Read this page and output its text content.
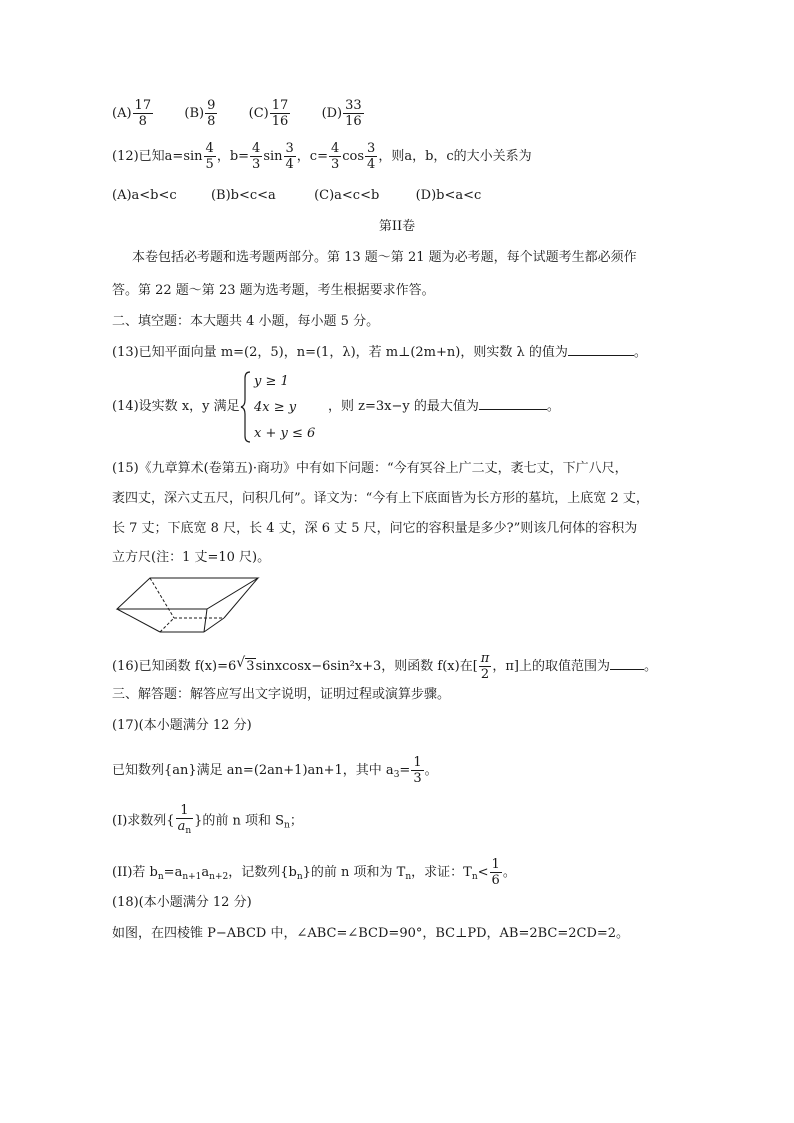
$(A) \frac{17}{8} (B) \frac{9}{8} (C) \frac{17}{16} (D) \frac{33}{16}$
(12)已知$a=\sin \frac{4}{5}$ ，$b= \frac{4}{3}$ $\sin \frac{3}{4}$ ，$c= \frac{4}{3}$ $\cos \frac{3}{4}$ ，则a，b，c的大小关系为
(A)a<b<c	(B)b<c<a	(C)a<c<b	(D)b<a<c
第II卷
本卷包括必考题和选考题两部分。第 13 题～第 21 题为必考题，每个试题考生都必须作
答。第 22 题～第 23 题为选考题，考生根据要求作答。
二、填空题：本大题共 4 小题，每小题 5 分。
(13)已知平面向量 m=(2，5)，n=(1，λ)，若 m⊥(2m+n)，则实数 λ 的值为	。
(14)设实数 x，y 满足
y ≥ 1
4x ≥ y
x + y ≤ 6
，则 z=3x−y 的最大值为	。
(15)《九章算术(卷第五)·商功》中有如下问题：“今有冥谷上广二丈，袤七丈，下广八尺，
袤四丈，深六丈五尺，问积几何”。译文为：“今有上下底面皆为长方形的墓坑，上底宽 2 丈，
长 7 丈；下底宽 8 尺，长 4 丈，深 6 丈 5 尺，问它的容积量是多少?”则该几何体的容积为
立方尺(注：1 丈=10 尺)。
(16)已知函数 f(x)=6 √ 3sinxcosx−6sin²x+3，则函数 f(x)在[ $\frac{\pi}{2}$ ，π]上的取值范围为	。
三、解答题：解答应写出文字说明，证明过程或演算步骤。
(17)(本小题满分 12 分)
已知数列{an}满足 an=(2an+1)an+1，其中 $a_3= \frac{1}{3}$ 。
(I)求数列{ $\frac{1}{a_n}$ }的前 n 项和 $S_n$；
(II)若 $b_n=a_{n+1}a_{n+2}$，记数列$\{b_n\}$的前 n 项和为 $T_n$，求证：$T_n< \frac{1}{6}$ 。
(18)(本小题满分 12 分)
如图，在四棱锥 P−ABCD 中，∠ABC=∠BCD=90°，BC⊥PD，AB=2BC=2CD=2。
